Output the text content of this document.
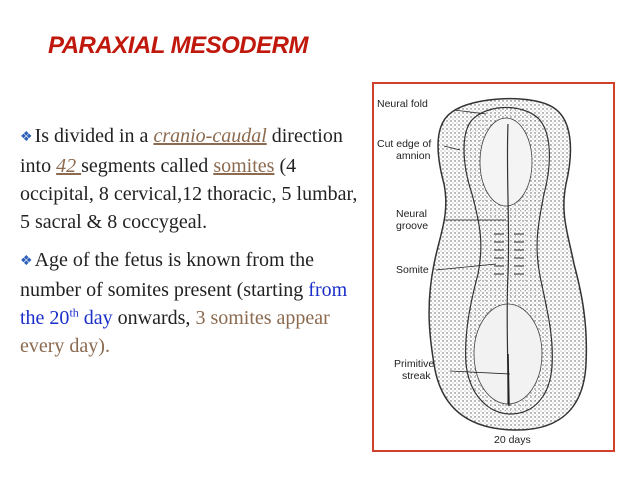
PARAXIAL MESODERM

❖ Is divided in a cranio-caudal direction into 42 segments called somites (4 occipital, 8 cervical,12 thoracic, 5 lumbar, 5 sacral & 8 coccygeal.

❖ Age of the fetus is known from the number of somites present (starting from the 20th day onwards, 3 somites appear every day).

Neural fold
Cut edge of
amnion
Neural
groove
Somite
Primitive
streak
20 days
